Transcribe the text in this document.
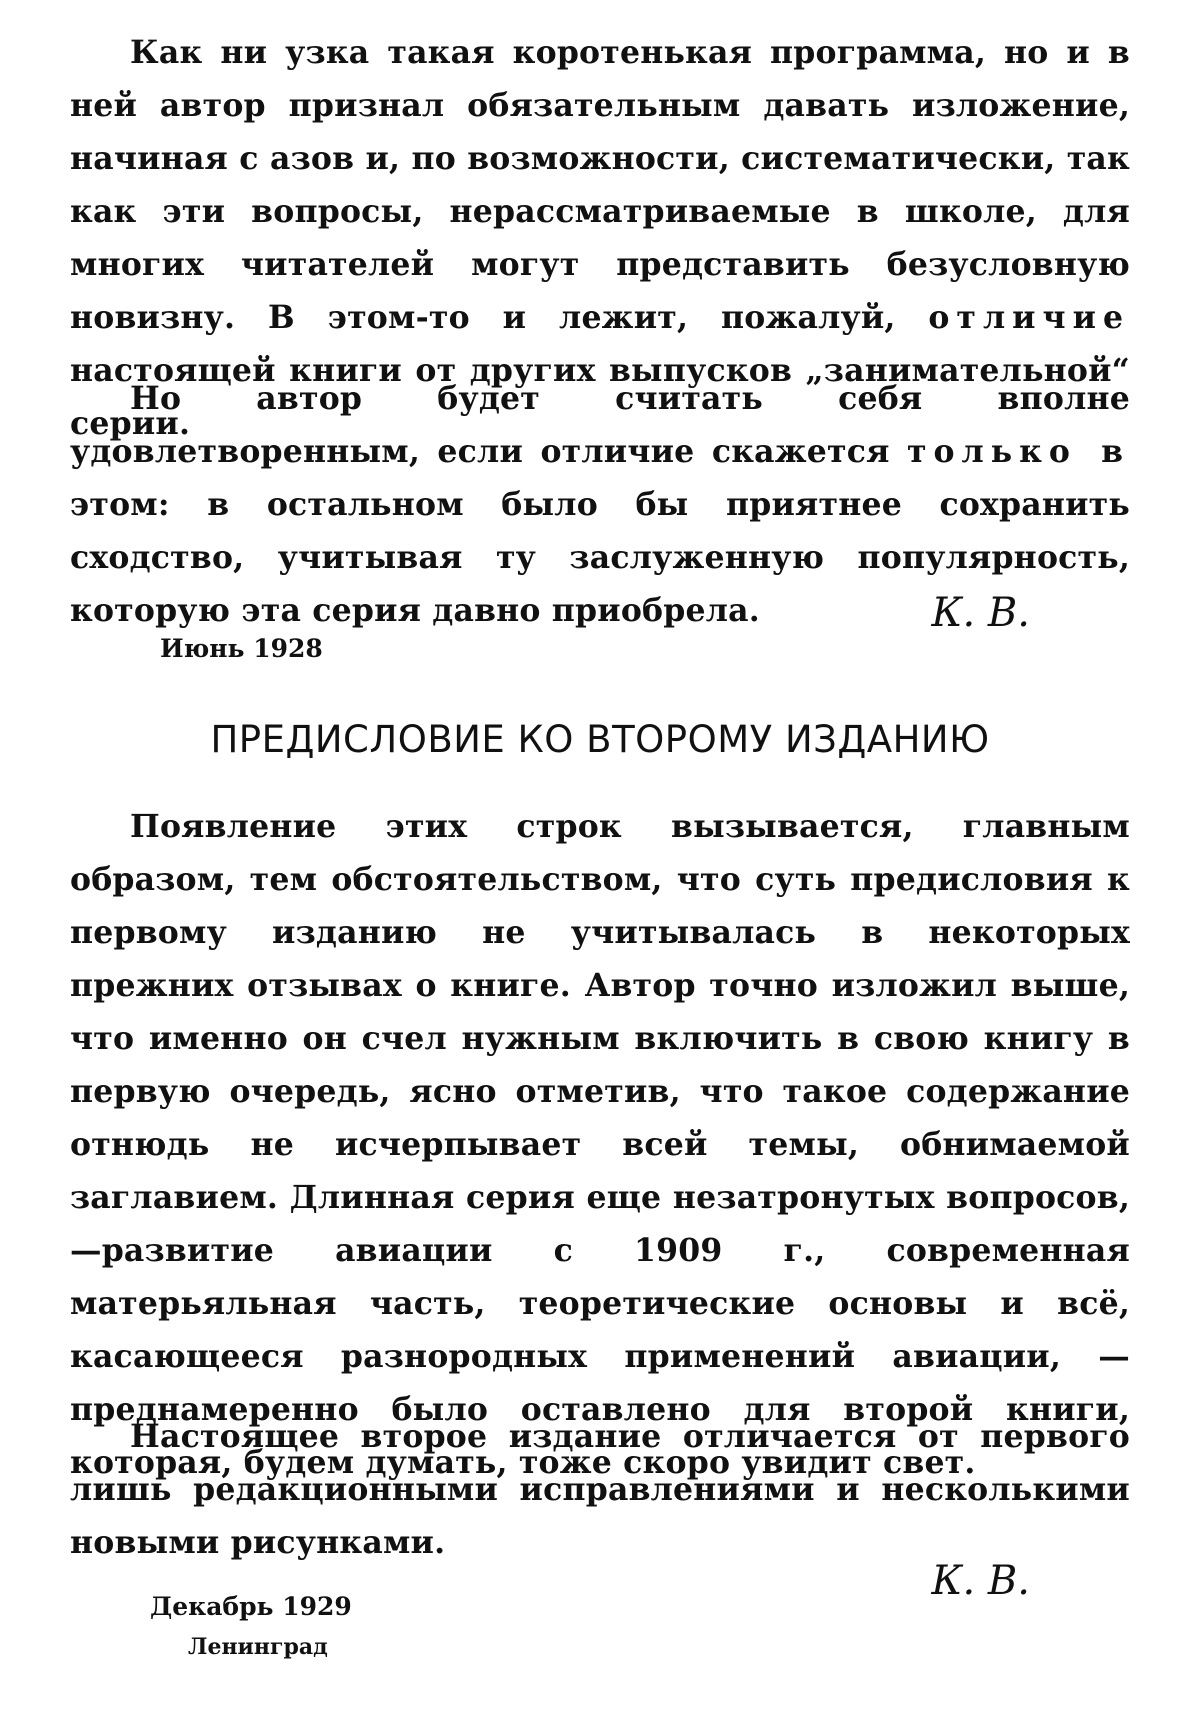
Как ни узка такая коротенькая программа, но и в ней автор признал обязательным давать изложение, начиная с азов и, по возможности, систематически, так как эти вопросы, нерассматриваемые в школе, для многих читателей могут представить безусловную новизну. В этом-то и лежит, пожалуй, отличие настоящей книги от других выпусков „занимательной“ серии.

Но автор будет считать себя вполне удовлетворенным, если отличие скажется только в этом: в остальном было бы приятнее сохранить сходство, учитывая ту заслуженную популярность, которую эта серия давно приобрела.	К. В.

Июнь 1928

ПРЕДИСЛОВИЕ КО ВТОРОМУ ИЗДАНИЮ

Появление этих строк вызывается, главным образом, тем обстоятельством, что суть предисловия к первому изданию не учитывалась в некоторых прежних отзывах о книге. Автор точно изложил выше, что именно он счел нужным включить в свою книгу в первую очередь, ясно отметив, что такое содержание отнюдь не исчерпывает всей темы, обнимаемой заглавием. Длинная серия еще незатронутых вопросов,—развитие авиации с 1909 г., современная матерьяльная часть, теоретические основы и всё, касающееся разнородных применений авиации, — преднамеренно было оставлено для второй книги, которая, будем думать, тоже скоро увидит свет.

Настоящее второе издание отличается от первого лишь редакционными исправлениями и несколькими новыми рисунками.

К. В.

Декабрь 1929

Ленинград
